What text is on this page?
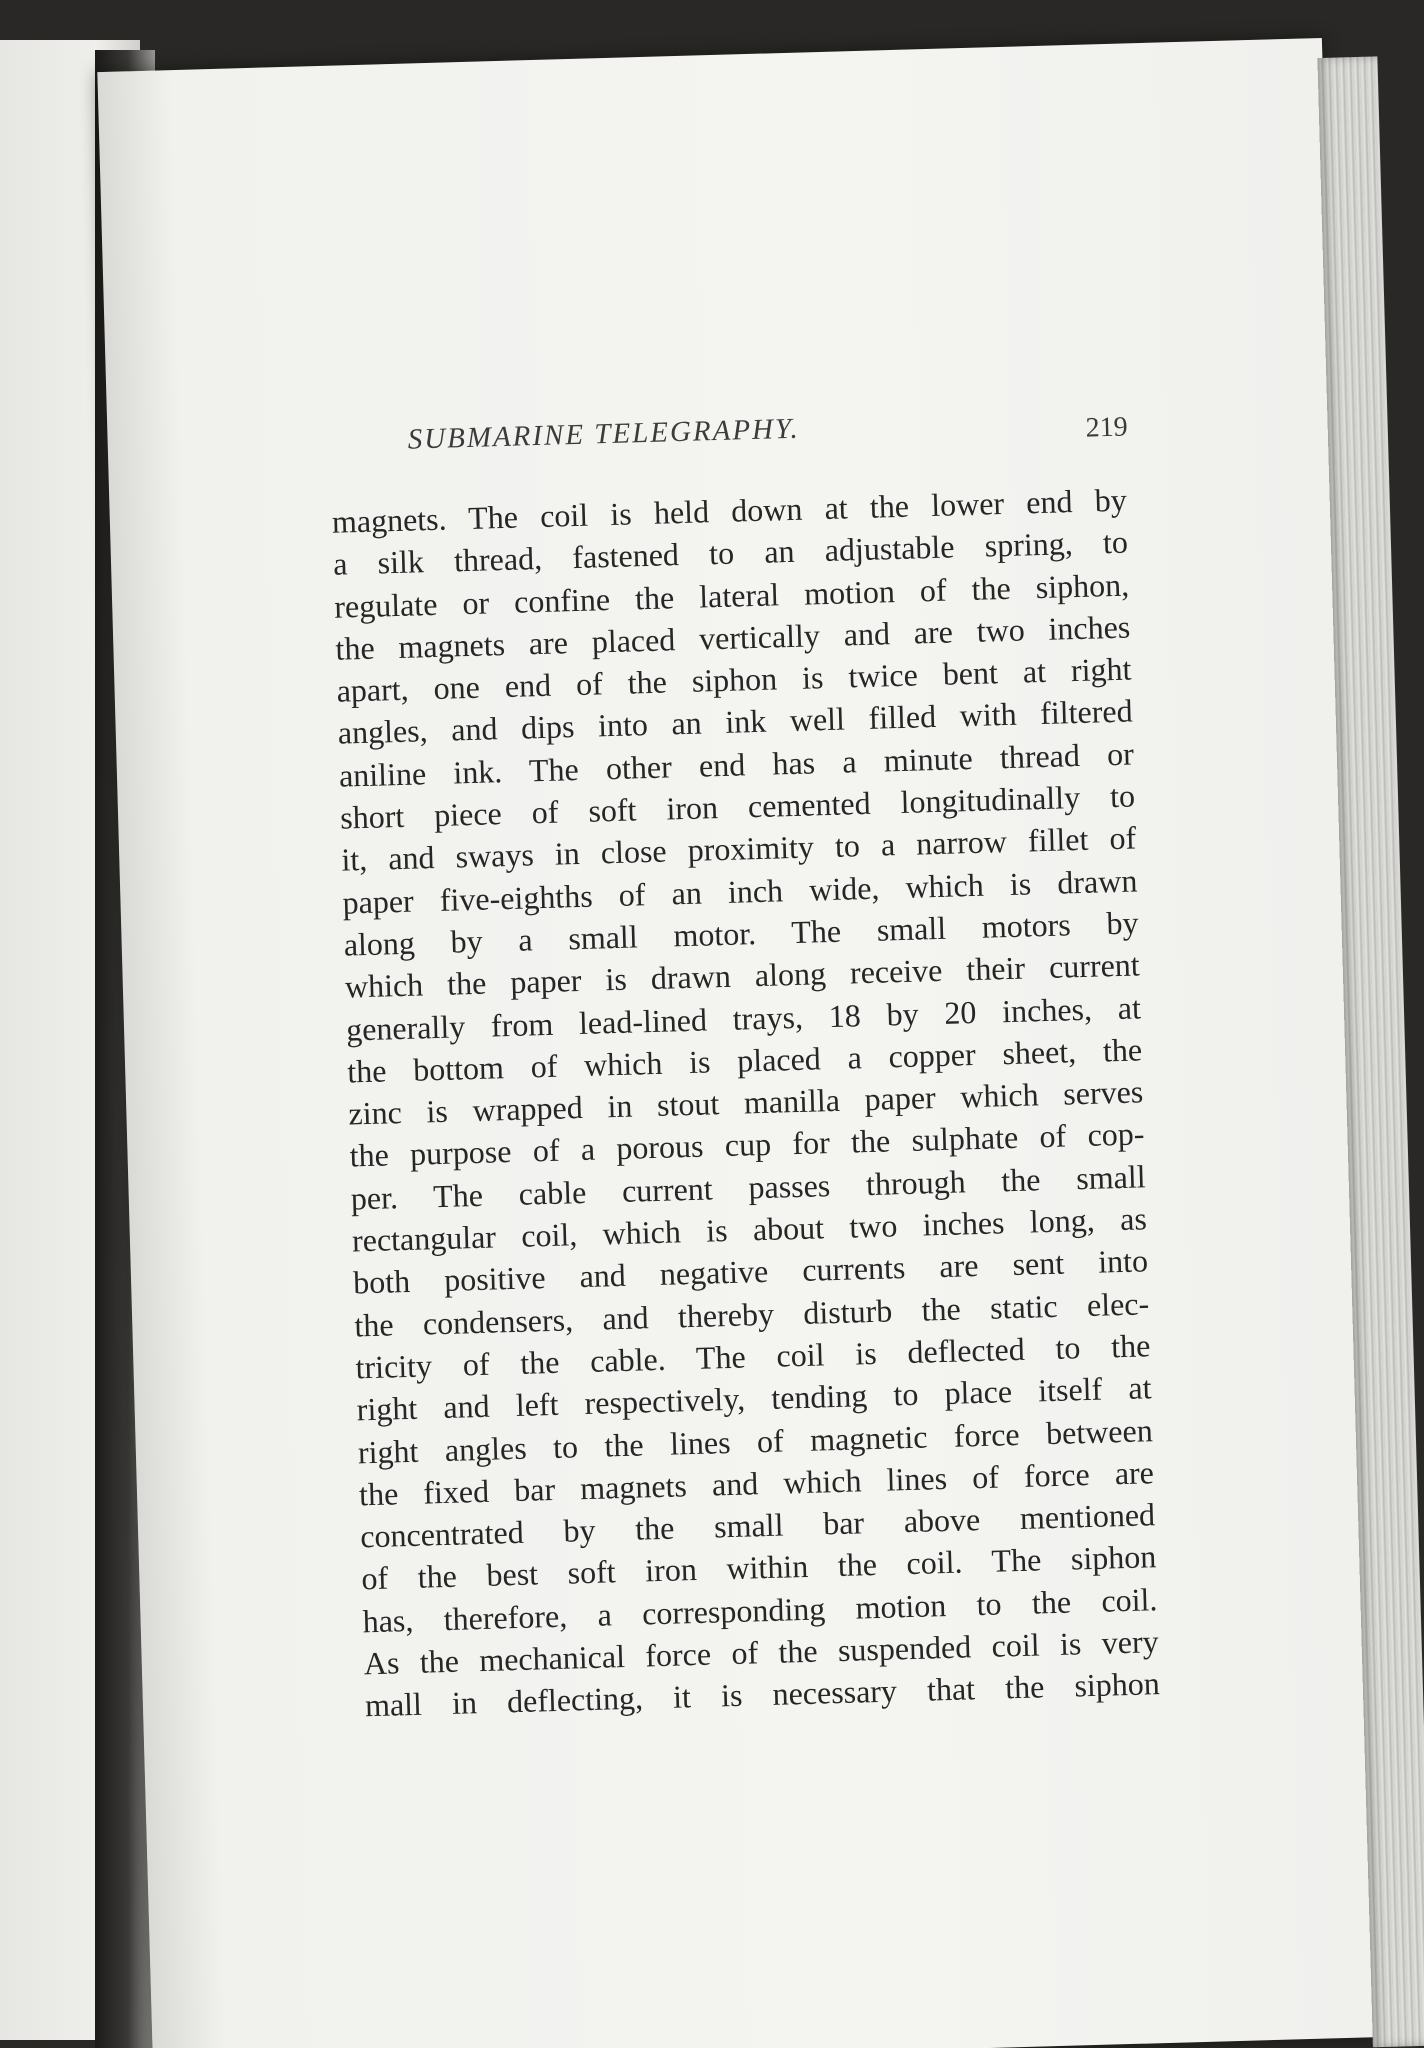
SUBMARINE TELEGRAPHY.	219
magnets. The coil is held down at the lower end by
a silk thread, fastened to an adjustable spring, to
regulate or confine the lateral motion of the siphon,
the magnets are placed vertically and are two inches
apart, one end of the siphon is twice bent at right
angles, and dips into an ink well filled with filtered
aniline ink. The other end has a minute thread or
short piece of soft iron cemented longitudinally to
it, and sways in close proximity to a narrow fillet of
paper five-eighths of an inch wide, which is drawn
along by a small motor. The small motors by
which the paper is drawn along receive their current
generally from lead-lined trays, 18 by 20 inches, at
the bottom of which is placed a copper sheet, the
zinc is wrapped in stout manilla paper which serves
the purpose of a porous cup for the sulphate of cop-
per. The cable current passes through the small
rectangular coil, which is about two inches long, as
both positive and negative currents are sent into
the condensers, and thereby disturb the static elec-
tricity of the cable. The coil is deflected to the
right and left respectively, tending to place itself at
right angles to the lines of magnetic force between
the fixed bar magnets and which lines of force are
concentrated by the small bar above mentioned
of the best soft iron within the coil. The siphon
has, therefore, a corresponding motion to the coil.
As the mechanical force of the suspended coil is very
mall in deflecting, it is necessary that the siphon
